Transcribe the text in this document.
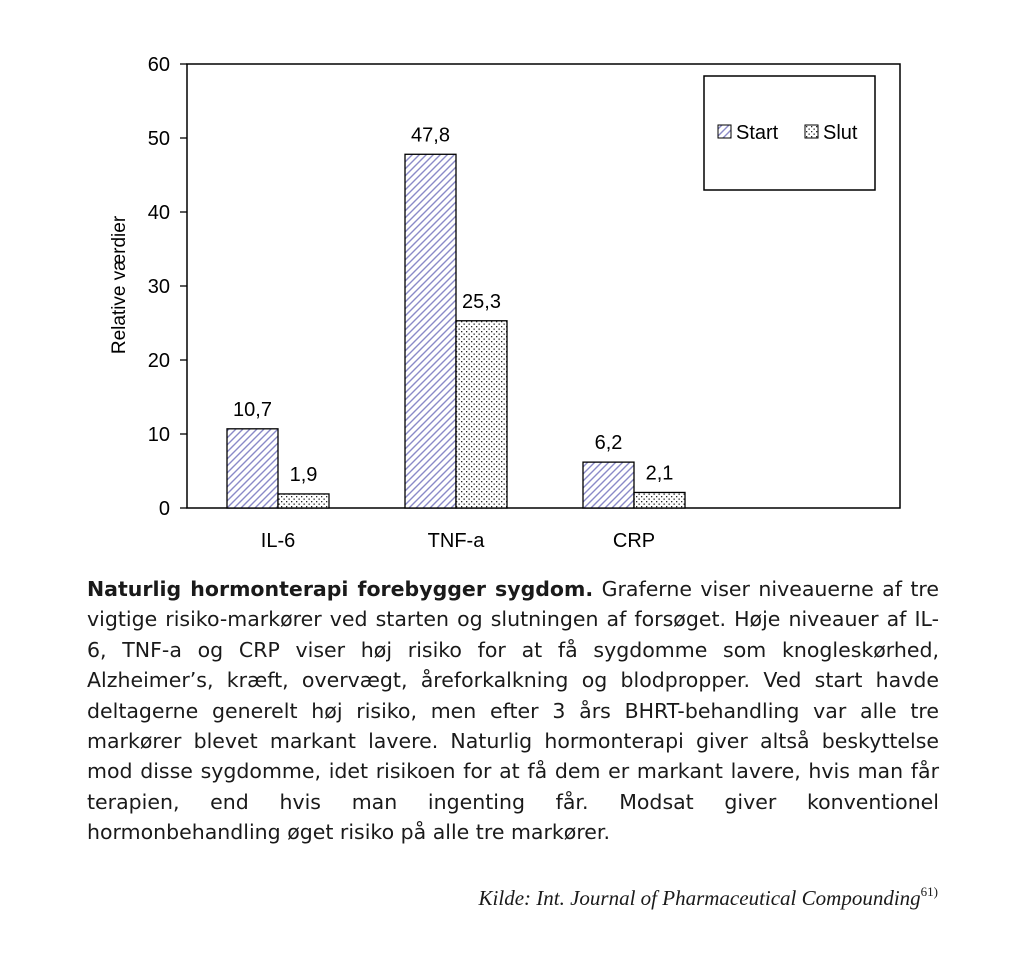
0
10
20
30
40
50
60
IL-6	TNF-a	CRP
10,7
47,8
6,2
1,9
25,3
2,1
Relative værdier
Start Slut

Naturlig hormonterapi forebygger sygdom. Graferne viser niveauerne af tre vigtige risiko-markører ved starten og slutningen af forsøget. Høje niveauer af IL-6, TNF-a og CRP viser høj risiko for at få sygdomme som knogleskørhed, Alzheimer’s, kræft, overvægt, åreforkalkning og blodpropper. Ved start havde deltagerne generelt høj risiko, men efter 3 års BHRT-behandling var alle tre markører blevet markant lavere. Naturlig hormonterapi giver altså beskyttelse mod disse sygdomme, idet risikoen for at få dem er markant lavere, hvis man får terapien, end hvis man ingenting får. Modsat giver konventionel hormonbehandling øget risiko på alle tre markører.

Kilde: Int. Journal of Pharmaceutical Compounding$^{61)}$
